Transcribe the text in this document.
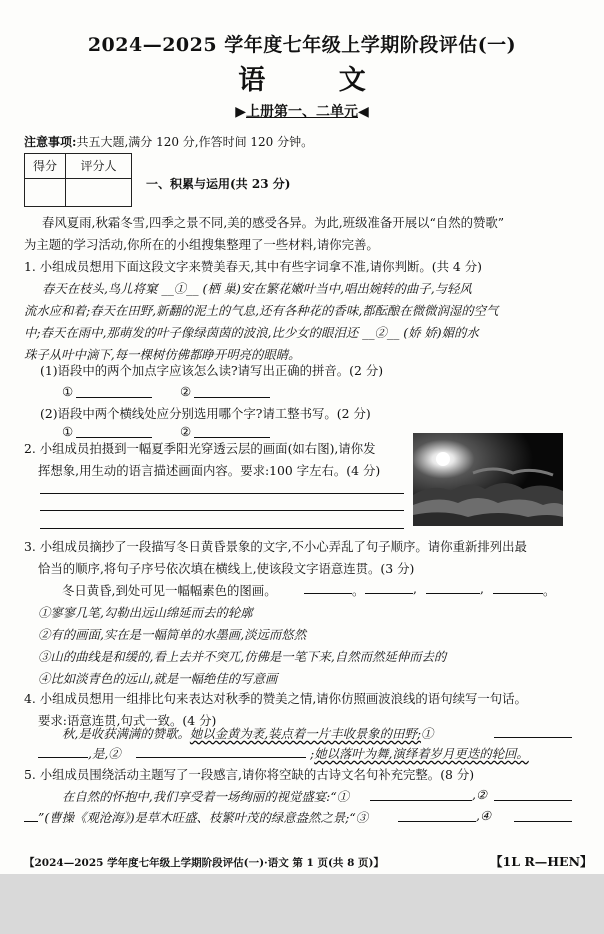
2024—2025 学年度七年级上学期阶段评估(一)
语 文
▶上册第一、二单元◀
注意事项:共五大题,满分 120 分,作答时间 120 分钟。
得分	评分人
一、积累与运用(共 23 分)
春风夏雨,秋霜冬雪,四季之景不同,美的感受各异。为此,班级准备开展以“自然的赞歌”
为主题的学习活动,你所在的小组搜集整理了一些材料,请你完善。
1. 小组成员想用下面这段文字来赞美春天,其中有些字词拿不准,请你判断。(共 4 分)
春天在枝头,鸟儿将窠 __①__ (栖 巢)安在繁花嫩叶当中,唱出婉转的曲子,与轻风
流水应和着;春天在田野,新翻的泥土的气息,还有各种花的香味,都酝酿在微微润湿的空气
中;春天在雨中,那萌发的叶子像绿茵茵的波浪,比少女的眼泪还 __②__ (娇 娇)媚的水
珠子从叶中滴下,每一棵树仿佛都睁开明亮的眼睛。
(1)语段中的两个加点字应该怎么读?请写出正确的拼音。(2 分)
①	②
(2)语段中两个横线处应分别选用哪个字?请工整书写。(2 分)
①	②
2. 小组成员拍摄到一幅夏季阳光穿透云层的画面(如右图),请你发
挥想象,用生动的语言描述画面内容。要求:100 字左右。(4 分)
3. 小组成员摘抄了一段描写冬日黄昏景象的文字,不小心弄乱了句子顺序。请你重新排列出最
恰当的顺序,将句子序号依次填在横线上,使该段文字语意连贯。(3 分)
冬日黄昏,到处可见一幅幅素色的图画。	。	,	,	。
①寥寥几笔,勾勒出远山绵延而去的轮廓
②有的画面,实在是一幅简单的水墨画,淡远而悠然
③山的曲线是和缓的,看上去并不突兀,仿佛是一笔下来,自然而然延伸而去的
④比如淡青色的远山,就是一幅绝佳的写意画
4. 小组成员想用一组排比句来表达对秋季的赞美之情,请你仿照画波浪线的语句续写一句话。
要求:语意连贯,句式一致。(4 分)
秋,是收获满满的赞歌。她以金黄为袤,装点着一片丰收景象的田野;①
,是,②	;她以落叶为舞,演绎着岁月更迭的轮回。
5. 小组成员围绕活动主题写了一段感言,请你将空缺的古诗文名句补充完整。(8 分)
在自然的怀抱中,我们享受着一场绚丽的视觉盛宴:“①	,②
”(曹操《观沧海》)是草木旺盛、枝繁叶茂的绿意盎然之景;“③	,④
【2024—2025 学年度七年级上学期阶段评估(一)·语文 第 1 页(共 8 页)】	【1L R—HEN】
